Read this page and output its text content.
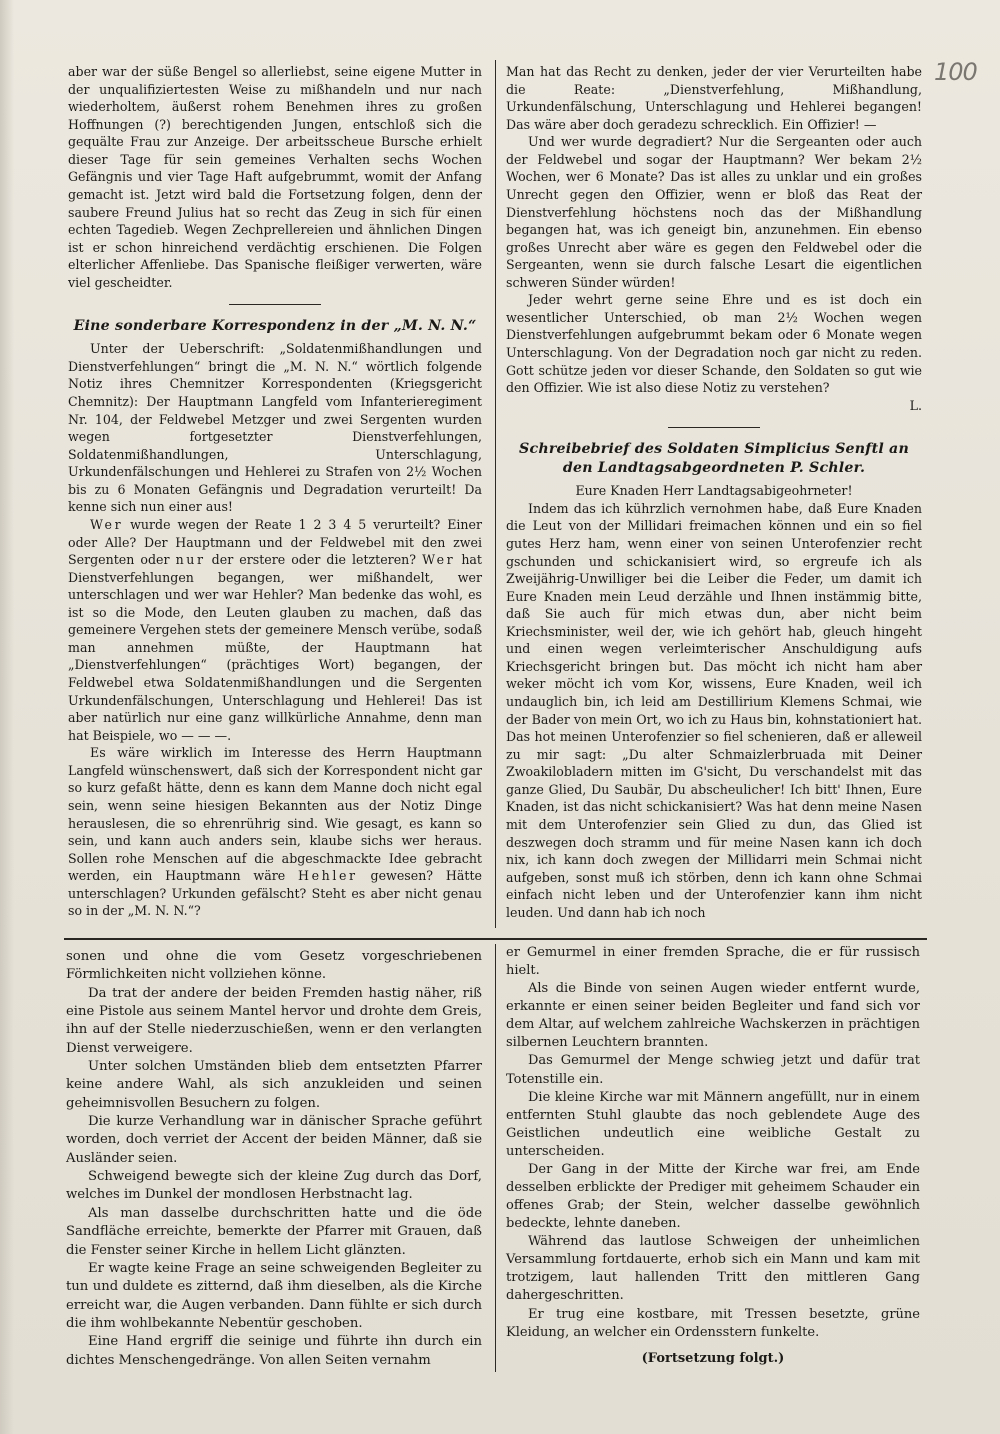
100

aber war der süße Bengel so allerliebst, seine eigene Mutter in der unqualifiziertesten Weise zu mißhandeln und nur nach wiederholtem, äußerst rohem Benehmen ihres zu großen Hoffnungen (?) berechtigenden Jungen, entschloß sich die gequälte Frau zur Anzeige. Der arbeitsscheue Bursche erhielt dieser Tage für sein gemeines Verhalten sechs Wochen Gefängnis und vier Tage Haft aufgebrummt, womit der Anfang gemacht ist. Jetzt wird bald die Fortsetzung folgen, denn der saubere Freund Julius hat so recht das Zeug in sich für einen echten Tagedieb. Wegen Zechprellereien und ähnlichen Dingen ist er schon hinreichend verdächtig erschienen. Die Folgen elterlicher Affenliebe. Das Spanische fleißiger verwerten, wäre viel gescheidter.

Eine sonderbare Korrespondenz in der „M. N. N.“

Unter der Ueberschrift: „Soldatenmißhandlungen und Dienstverfehlungen“ bringt die „M. N. N.“ wörtlich folgende Notiz ihres Chemnitzer Korrespondenten (Kriegsgericht Chemnitz): Der Hauptmann Langfeld vom Infanterieregiment Nr. 104, der Feldwebel Metzger und zwei Sergenten wurden wegen fortgesetzter Dienstverfehlungen, Soldatenmißhandlungen, Unterschlagung, Urkundenfälschungen und Hehlerei zu Strafen von 2½ Wochen bis zu 6 Monaten Gefängnis und Degradation verurteilt! Da kenne sich nun einer aus!

Wer wurde wegen der Reate 1 2 3 4 5 verurteilt? Einer oder Alle? Der Hauptmann und der Feldwebel mit den zwei Sergenten oder nur der erstere oder die letzteren? Wer hat Dienstverfehlungen begangen, wer mißhandelt, wer unterschlagen und wer war Hehler? Man bedenke das wohl, es ist so die Mode, den Leuten glauben zu machen, daß das gemeinere Vergehen stets der gemeinere Mensch verübe, sodaß man annehmen müßte, der Hauptmann hat „Dienstverfehlungen“ (prächtiges Wort) begangen, der Feldwebel etwa Soldatenmißhandlungen und die Sergenten Urkundenfälschungen, Unterschlagung und Hehlerei! Das ist aber natürlich nur eine ganz willkürliche Annahme, denn man hat Beispiele, wo — — —.

Es wäre wirklich im Interesse des Herrn Hauptmann Langfeld wünschenswert, daß sich der Korrespondent nicht gar so kurz gefaßt hätte, denn es kann dem Manne doch nicht egal sein, wenn seine hiesigen Bekannten aus der Notiz Dinge herauslesen, die so ehrenrührig sind. Wie gesagt, es kann so sein, und kann auch anders sein, klaube sichs wer heraus. Sollen rohe Menschen auf die abgeschmackte Idee gebracht werden, ein Hauptmann wäre Hehler gewesen? Hätte unterschlagen? Urkunden gefälscht? Steht es aber nicht genau so in der „M. N. N.“?

Man hat das Recht zu denken, jeder der vier Verurteilten habe die Reate: „Dienstverfehlung, Mißhandlung, Urkundenfälschung, Unterschlagung und Hehlerei begangen! Das wäre aber doch geradezu schrecklich. Ein Offizier! —

Und wer wurde degradiert? Nur die Sergeanten oder auch der Feldwebel und sogar der Hauptmann? Wer bekam 2½ Wochen, wer 6 Monate? Das ist alles zu unklar und ein großes Unrecht gegen den Offizier, wenn er bloß das Reat der Dienstverfehlung höchstens noch das der Mißhandlung begangen hat, was ich geneigt bin, anzunehmen. Ein ebenso großes Unrecht aber wäre es gegen den Feldwebel oder die Sergeanten, wenn sie durch falsche Lesart die eigentlichen schweren Sünder würden!

Jeder wehrt gerne seine Ehre und es ist doch ein wesentlicher Unterschied, ob man 2½ Wochen wegen Dienstverfehlungen aufgebrummt bekam oder 6 Monate wegen Unterschlagung. Von der Degradation noch gar nicht zu reden. Gott schütze jeden vor dieser Schande, den Soldaten so gut wie den Offizier. Wie ist also diese Notiz zu verstehen?

L.
Schreibebrief des Soldaten Simplicius Senftl an den Landtagsabgeordneten P. Schler.
Eure Knaden Herr Landtagsabigeohrneter!

Indem das ich kührzlich vernohmen habe, daß Eure Knaden die Leut von der Millidari freimachen können und ein so fiel gutes Herz ham, wenn einer von seinen Unterofenzier recht gschunden und schickanisiert wird, so ergreufe ich als Zweijährig-Unwilliger bei die Leiber die Feder, um damit ich Eure Knaden mein Leud derzähle und Ihnen instämmig bitte, daß Sie auch für mich etwas dun, aber nicht beim Kriechsminister, weil der, wie ich gehört hab, gleuch hingeht und einen wegen verleimterischer Anschuldigung aufs Kriechsgericht bringen but. Das möcht ich nicht ham aber weker möcht ich vom Kor, wissens, Eure Knaden, weil ich undauglich bin, ich leid am Destillirium Klemens Schmai, wie der Bader von mein Ort, wo ich zu Haus bin, kohnstationiert hat. Das hot meinen Unterofenzier so fiel schenieren, daß er alleweil zu mir sagt: „Du alter Schmaizlerbruada mit Deiner Zwoakilobladern mitten im G'sicht, Du verschandelst mit das ganze Glied, Du Saubär, Du abscheulicher! Ich bitt' Ihnen, Eure Knaden, ist das nicht schickanisiert? Was hat denn meine Nasen mit dem Unterofenzier sein Glied zu dun, das Glied ist deszwegen doch stramm und für meine Nasen kann ich doch nix, ich kann doch zwegen der Millidarri mein Schmai nicht aufgeben, sonst muß ich störben, denn ich kann ohne Schmai einfach nicht leben und der Unterofenzier kann ihm nicht leuden. Und dann hab ich noch

sonen und ohne die vom Gesetz vorgeschriebenen Förmlichkeiten nicht vollziehen könne.

Da trat der andere der beiden Fremden hastig näher, riß eine Pistole aus seinem Mantel hervor und drohte dem Greis, ihn auf der Stelle niederzuschießen, wenn er den verlangten Dienst verweigere.

Unter solchen Umständen blieb dem entsetzten Pfarrer keine andere Wahl, als sich anzukleiden und seinen geheimnisvollen Besuchern zu folgen.

Die kurze Verhandlung war in dänischer Sprache geführt worden, doch verriet der Accent der beiden Männer, daß sie Ausländer seien.

Schweigend bewegte sich der kleine Zug durch das Dorf, welches im Dunkel der mondlosen Herbstnacht lag.

Als man dasselbe durchschritten hatte und die öde Sandfläche erreichte, bemerkte der Pfarrer mit Grauen, daß die Fenster seiner Kirche in hellem Licht glänzten.

Er wagte keine Frage an seine schweigenden Begleiter zu tun und duldete es zitternd, daß ihm dieselben, als die Kirche erreicht war, die Augen verbanden. Dann fühlte er sich durch die ihm wohlbekannte Nebentür geschoben.

Eine Hand ergriff die seinige und führte ihn durch ein dichtes Menschengedränge. Von allen Seiten vernahm

er Gemurmel in einer fremden Sprache, die er für russisch hielt.

Als die Binde von seinen Augen wieder entfernt wurde, erkannte er einen seiner beiden Begleiter und fand sich vor dem Altar, auf welchem zahlreiche Wachskerzen in prächtigen silbernen Leuchtern brannten.

Das Gemurmel der Menge schwieg jetzt und dafür trat Totenstille ein.

Die kleine Kirche war mit Männern angefüllt, nur in einem entfernten Stuhl glaubte das noch geblendete Auge des Geistlichen undeutlich eine weibliche Gestalt zu unterscheiden.

Der Gang in der Mitte der Kirche war frei, am Ende desselben erblickte der Prediger mit geheimem Schauder ein offenes Grab; der Stein, welcher dasselbe gewöhnlich bedeckte, lehnte daneben.

Während das lautlose Schweigen der unheimlichen Versammlung fortdauerte, erhob sich ein Mann und kam mit trotzigem, laut hallenden Tritt den mittleren Gang dahergeschritten.

Er trug eine kostbare, mit Tressen besetzte, grüne Kleidung, an welcher ein Ordensstern funkelte.

(Fortsetzung folgt.)
